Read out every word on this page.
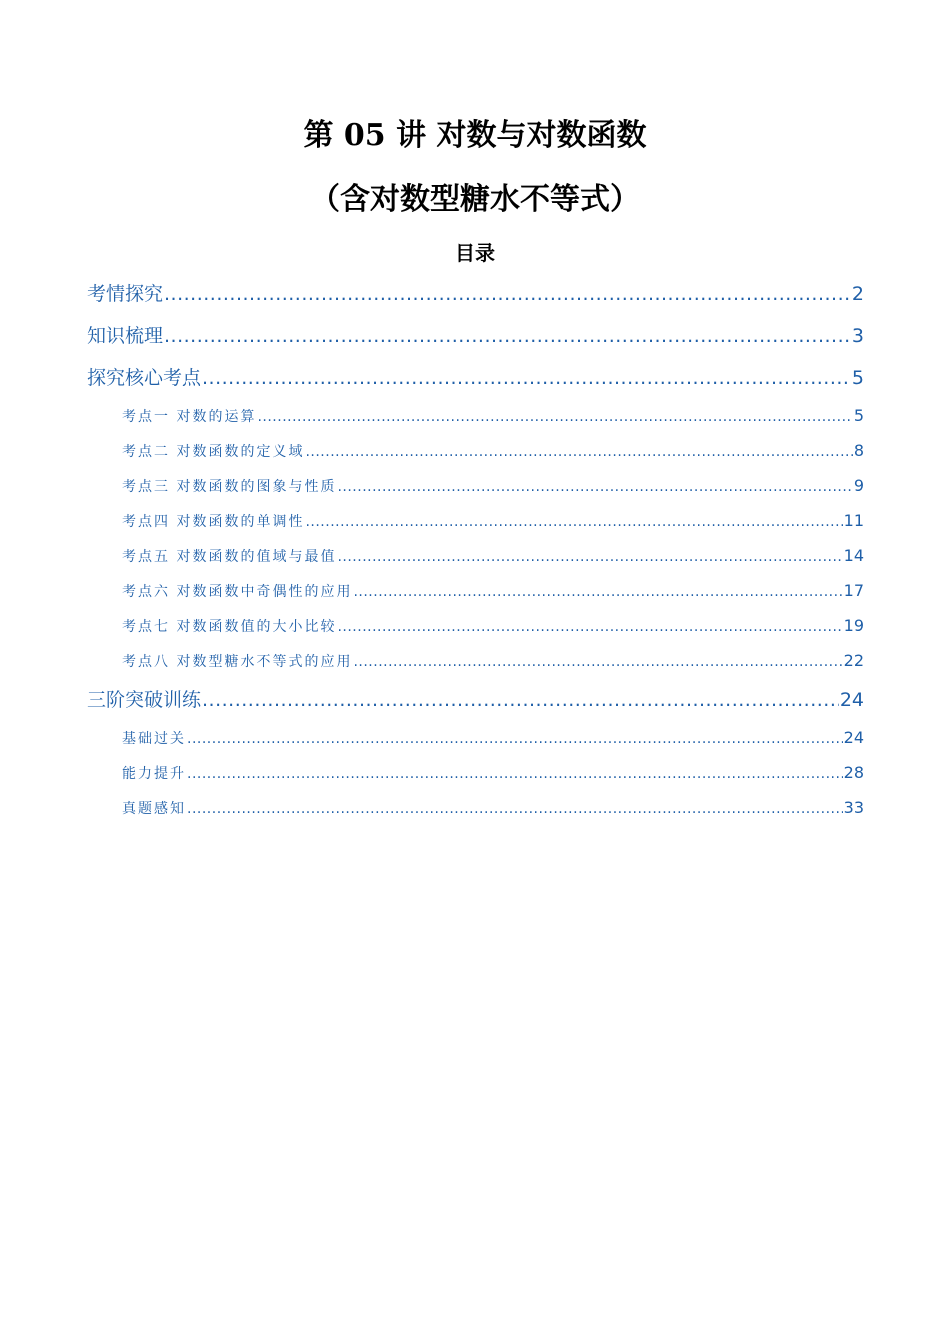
第 05 讲 对数与对数函数
（含对数型糖水不等式）
目录
考情探究 .....	2
知识梳理 .....	3
探究核心考点 .....	5
考点一 对数的运算 .....	5
考点二 对数函数的定义域 .....	8
考点三 对数函数的图象与性质 .....	9
考点四 对数函数的单调性 .....	11
考点五 对数函数的值域与最值 .....	14
考点六 对数函数中奇偶性的应用 .....	17
考点七 对数函数值的大小比较 .....	19
考点八 对数型糖水不等式的应用 .....	22
三阶突破训练 .....	24
基础过关 .....	24
能力提升 .....	28
真题感知 .....	33
